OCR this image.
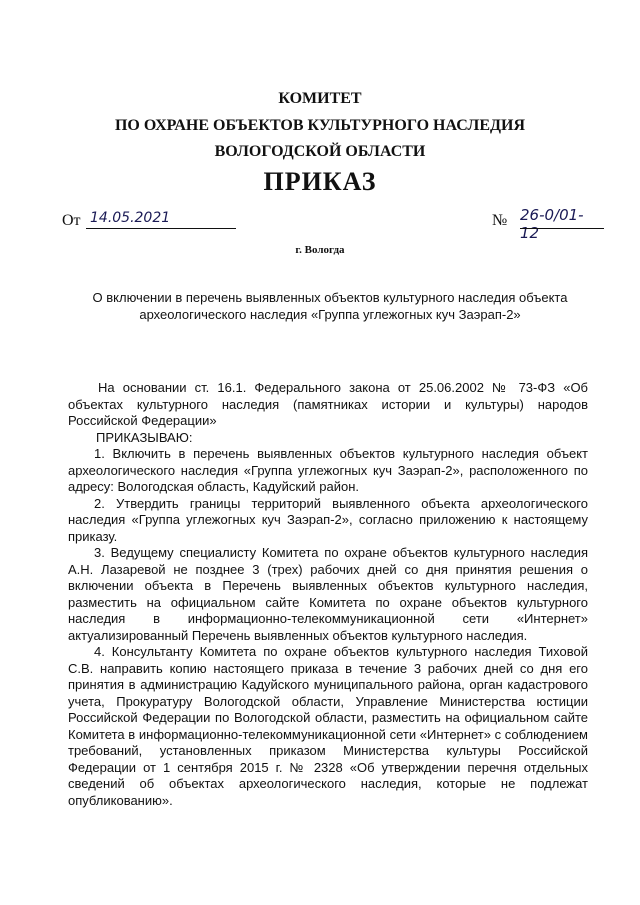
КОМИТЕТ
ПО ОХРАНЕ ОБЪЕКТОВ КУЛЬТУРНОГО НАСЛЕДИЯ
ВОЛОГОДСКОЙ ОБЛАСТИ
ПРИКАЗ
От 14.05.2021	№ 26-0/01-12
г. Вологда
О включении в перечень выявленных объектов культурного наследия объекта археологического наследия «Группа углежогных куч Заэрап-2»

На основании ст. 16.1. Федерального закона от 25.06.2002 № 73-ФЗ «Об объектах культурного наследия (памятниках истории и культуры) народов Российской Федерации»

ПРИКАЗЫВАЮ:

1. Включить в перечень выявленных объектов культурного наследия объект археологического наследия «Группа углежогных куч Заэрап-2», расположенного по адресу: Вологодская область, Кадуйский район.

2. Утвердить границы территорий выявленного объекта археологического наследия «Группа углежогных куч Заэрап-2», согласно приложению к настоящему приказу.

3. Ведущему специалисту Комитета по охране объектов культурного наследия А.Н. Лазаревой не позднее 3 (трех) рабочих дней со дня принятия решения о включении объекта в Перечень выявленных объектов культурного наследия, разместить на официальном сайте Комитета по охране объектов культурного наследия в информационно-телекоммуникационной сети «Интернет» актуализированный Перечень выявленных объектов культурного наследия.

4. Консультанту Комитета по охране объектов культурного наследия Тиховой С.В. направить копию настоящего приказа в течение 3 рабочих дней со дня его принятия в администрацию Кадуйского муниципального района, орган кадастрового учета, Прокуратуру Вологодской области, Управление Министерства юстиции Российской Федерации по Вологодской области, разместить на официальном сайте Комитета в информационно-телекоммуникационной сети «Интернет» с соблюдением требований, установленных приказом Министерства культуры Российской Федерации от 1 сентября 2015 г. № 2328 «Об утверждении перечня отдельных сведений об объектах археологического наследия, которые не подлежат опубликованию».
